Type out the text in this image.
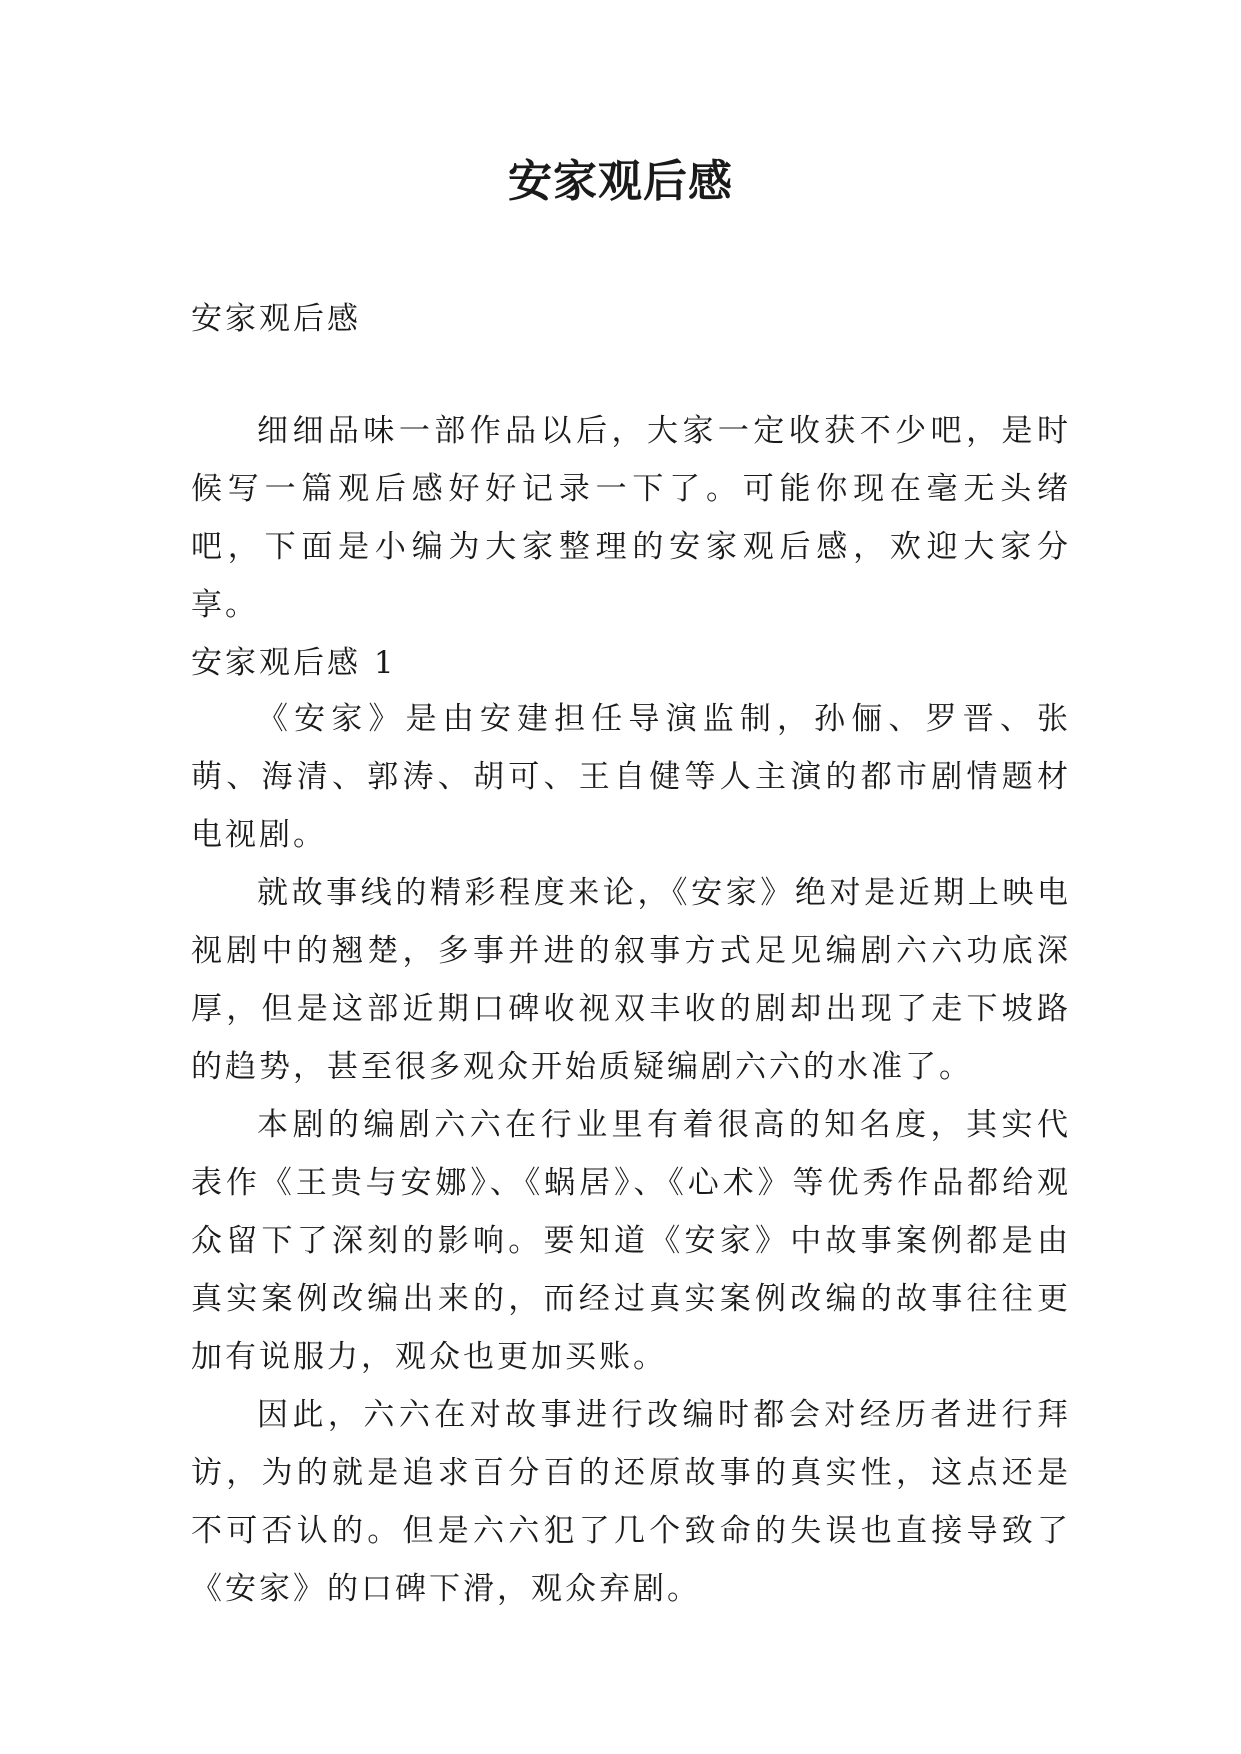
安家观后感

安家观后感

细细品味一部作品以后，大家一定收获不少吧，是时候写一篇观后感好好记录一下了。可能你现在毫无头绪吧，下面是小编为大家整理的安家观后感，欢迎大家分享。

安家观后感 1

《安家》是由安建担任导演监制，孙俪、罗晋、张萌、海清、郭涛、胡可、王自健等人主演的都市剧情题材电视剧。

就故事线的精彩程度来论，《安家》绝对是近期上映电视剧中的翘楚，多事并进的叙事方式足见编剧六六功底深厚，但是这部近期口碑收视双丰收的剧却出现了走下坡路的趋势，甚至很多观众开始质疑编剧六六的水准了。

本剧的编剧六六在行业里有着很高的知名度，其实代表作《王贵与安娜》、《蜗居》、《心术》等优秀作品都给观众留下了深刻的影响。要知道《安家》中故事案例都是由真实案例改编出来的，而经过真实案例改编的故事往往更加有说服力，观众也更加买账。

因此，六六在对故事进行改编时都会对经历者进行拜访，为的就是追求百分百的还原故事的真实性，这点还是不可否认的。但是六六犯了几个致命的失误也直接导致了《安家》的口碑下滑，观众弃剧。
